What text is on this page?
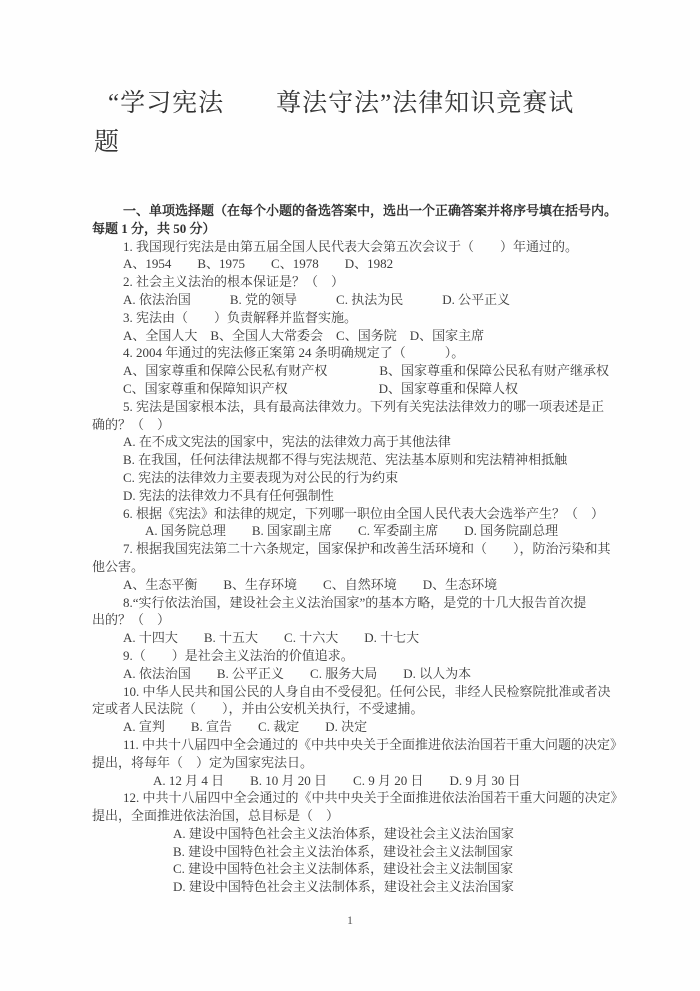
“学习宪法　　尊法守法”法律知识竞赛试
题
一、单项选择题（在每个小题的备选答案中，选出一个正确答案并将序号填在括号内。
每题 1 分，共 50 分）
1. 我国现行宪法是由第五届全国人民代表大会第五次会议于（　　）年通过的。
A、1954　　B、1975　　C、1978　　D、1982
2. 社会主义法治的根本保证是？（　）
A. 依法治国　　　B. 党的领导　　　C. 执法为民　　　D. 公平正义
3. 宪法由（　　）负责解释并监督实施。
A、全国人大　B、全国人大常委会　C、国务院　D、国家主席
4. 2004 年通过的宪法修正案第 24 条明确规定了（　　　）。
A、国家尊重和保障公民私有财产权　　　　B、国家尊重和保障公民私有财产继承权
C、国家尊重和保障知识产权　　　　　　　D、国家尊重和保障人权
5. 宪法是国家根本法，具有最高法律效力。下列有关宪法法律效力的哪一项表述是正
确的？（　）
A. 在不成文宪法的国家中，宪法的法律效力高于其他法律
B. 在我国，任何法律法规都不得与宪法规范、宪法基本原则和宪法精神相抵触
C. 宪法的法律效力主要表现为对公民的行为约束
D. 宪法的法律效力不具有任何强制性
6. 根据《宪法》和法律的规定，下列哪一职位由全国人民代表大会选举产生？（　）
A. 国务院总理　　B. 国家副主席　　C. 军委副主席　　D. 国务院副总理
7. 根据我国宪法第二十六条规定，国家保护和改善生活环境和（　　），防治污染和其
他公害。
A、生态平衡　　B、生存环境　　C、自然环境　　D、生态环境
8.“实行依法治国，建设社会主义法治国家”的基本方略，是党的十几大报告首次提
出的？（　）
A. 十四大　　B. 十五大　　C. 十六大　　D. 十七大
9.（　　）是社会主义法治的价值追求。
A. 依法治国　　B. 公平正义　　C. 服务大局　　D. 以人为本
10. 中华人民共和国公民的人身自由不受侵犯。任何公民，非经人民检察院批准或者决
定或者人民法院（　　），并由公安机关执行，不受逮捕。
A. 宣判　　B. 宣告　　C. 裁定　　D. 决定
11. 中共十八届四中全会通过的《中共中央关于全面推进依法治国若干重大问题的决定》
提出，将每年（　）定为国家宪法日。
A. 12 月 4 日　　B. 10 月 20 日　　C. 9 月 20 日　　D. 9 月 30 日
12. 中共十八届四中全会通过的《中共中央关于全面推进依法治国若干重大问题的决定》
提出，全面推进依法治国，总目标是（　）
A. 建设中国特色社会主义法治体系，建设社会主义法治国家
B. 建设中国特色社会主义法治体系，建设社会主义法制国家
C. 建设中国特色社会主义法制体系，建设社会主义法制国家
D. 建设中国特色社会主义法制体系，建设社会主义法治国家
1
